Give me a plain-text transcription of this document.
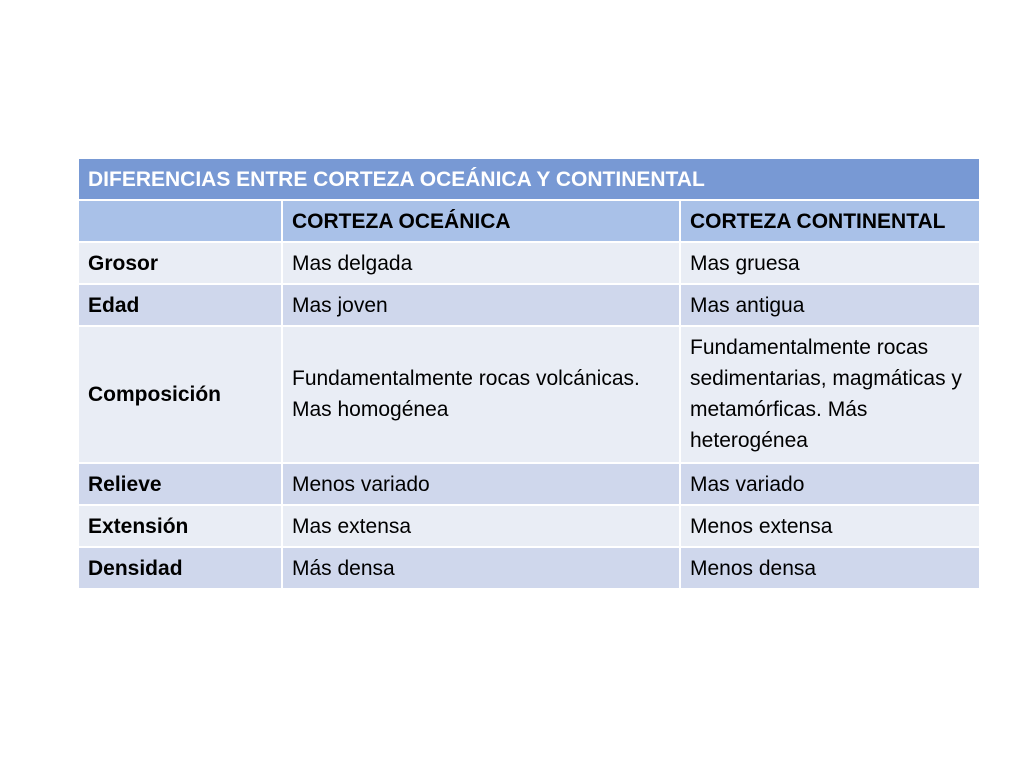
DIFERENCIAS ENTRE CORTEZA OCEÁNICA Y CONTINENTAL		
	CORTEZA OCEÁNICA	CORTEZA CONTINENTAL
Grosor	Mas delgada	Mas gruesa
Edad	Mas joven	Mas antigua
Composición	Fundamentalmente rocas volcánicas. Mas homogénea	Fundamentalmente rocas sedimentarias, magmáticas y metamórficas. Más heterogénea
Relieve	Menos variado	Mas variado
Extensión	Mas extensa	Menos extensa
Densidad	Más densa	Menos densa
